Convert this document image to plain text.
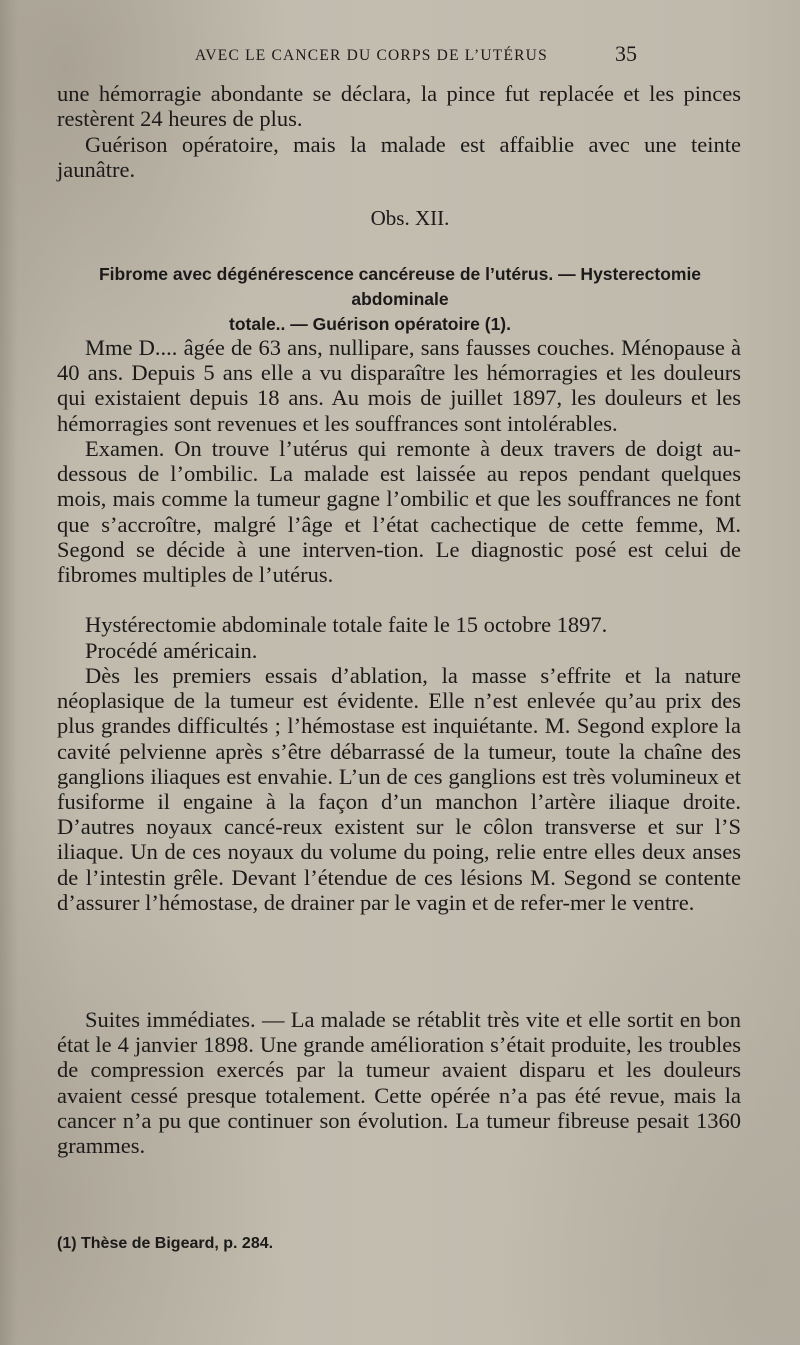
AVEC LE CANCER DU CORPS DE L’UTÉRUS	35

une hémorragie abondante se déclara, la pince fut replacée et les pinces restèrent 24 heures de plus.

Guérison opératoire, mais la malade est affaiblie avec une teinte jaunâtre.

Obs. XII.
Fibrome avec dégénérescence cancéreuse de l’utérus. — Hysterectomie abdominale
totale.. — Guérison opératoire (1).

Mme D.... âgée de 63 ans, nullipare, sans fausses couches. Ménopause à 40 ans. Depuis 5 ans elle a vu disparaître les hémorragies et les douleurs qui existaient depuis 18 ans. Au mois de juillet 1897, les douleurs et les hémorragies sont revenues et les souffrances sont intolérables.

Examen. On trouve l’utérus qui remonte à deux travers de doigt au-dessous de l’ombilic. La malade est laissée au repos pendant quelques mois, mais comme la tumeur gagne l’ombilic et que les souffrances ne font que s’accroître, malgré l’âge et l’état cachectique de cette femme, M. Segond se décide à une interven-tion. Le diagnostic posé est celui de fibromes multiples de l’utérus.

Hystérectomie abdominale totale faite le 15 octobre 1897.

Procédé américain.

Dès les premiers essais d’ablation, la masse s’effrite et la nature néoplasique de la tumeur est évidente. Elle n’est enlevée qu’au prix des plus grandes difficultés ; l’hémostase est inquiétante. M. Segond explore la cavité pelvienne après s’être débarrassé de la tumeur, toute la chaîne des ganglions iliaques est envahie. L’un de ces ganglions est très volumineux et fusiforme il engaine à la façon d’un manchon l’artère iliaque droite. D’autres noyaux cancé-reux existent sur le côlon transverse et sur l’S iliaque. Un de ces noyaux du volume du poing, relie entre elles deux anses de l’intestin grêle. Devant l’étendue de ces lésions M. Segond se contente d’assurer l’hémostase, de drainer par le vagin et de refer-mer le ventre.

Suites immédiates. — La malade se rétablit très vite et elle sortit en bon état le 4 janvier 1898. Une grande amélioration s’était produite, les troubles de compression exercés par la tumeur avaient disparu et les douleurs avaient cessé presque totalement. Cette opérée n’a pas été revue, mais la cancer n’a pu que continuer son évolution. La tumeur fibreuse pesait 1360 grammes.

(1) Thèse de Bigeard, p. 284.
